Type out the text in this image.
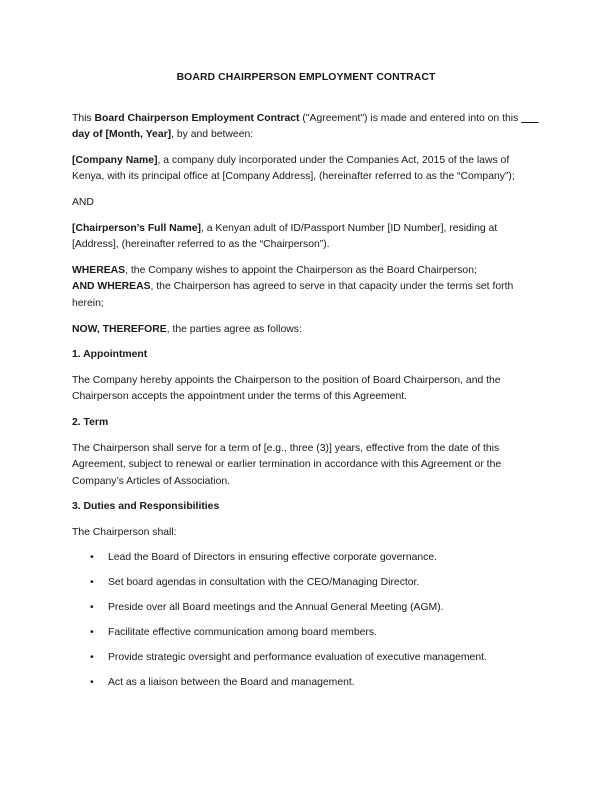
BOARD CHAIRPERSON EMPLOYMENT CONTRACT

This Board Chairperson Employment Contract ("Agreement") is made and entered into on this ___ day of [Month, Year], by and between:

[Company Name], a company duly incorporated under the Companies Act, 2015 of the laws of Kenya, with its principal office at [Company Address], (hereinafter referred to as the “Company”);

AND

[Chairperson’s Full Name], a Kenyan adult of ID/Passport Number [ID Number], residing at [Address], (hereinafter referred to as the “Chairperson”).

WHEREAS, the Company wishes to appoint the Chairperson as the Board Chairperson;

AND WHEREAS, the Chairperson has agreed to serve in that capacity under the terms set forth herein;

NOW, THEREFORE, the parties agree as follows:

1. Appointment

The Company hereby appoints the Chairperson to the position of Board Chairperson, and the Chairperson accepts the appointment under the terms of this Agreement.

2. Term

The Chairperson shall serve for a term of [e.g., three (3)] years, effective from the date of this Agreement, subject to renewal or earlier termination in accordance with this Agreement or the Company’s Articles of Association.

3. Duties and Responsibilities

The Chairperson shall:

• Lead the Board of Directors in ensuring effective corporate governance.
• Set board agendas in consultation with the CEO/Managing Director.
• Preside over all Board meetings and the Annual General Meeting (AGM).
• Facilitate effective communication among board members.
• Provide strategic oversight and performance evaluation of executive management.
• Act as a liaison between the Board and management.
